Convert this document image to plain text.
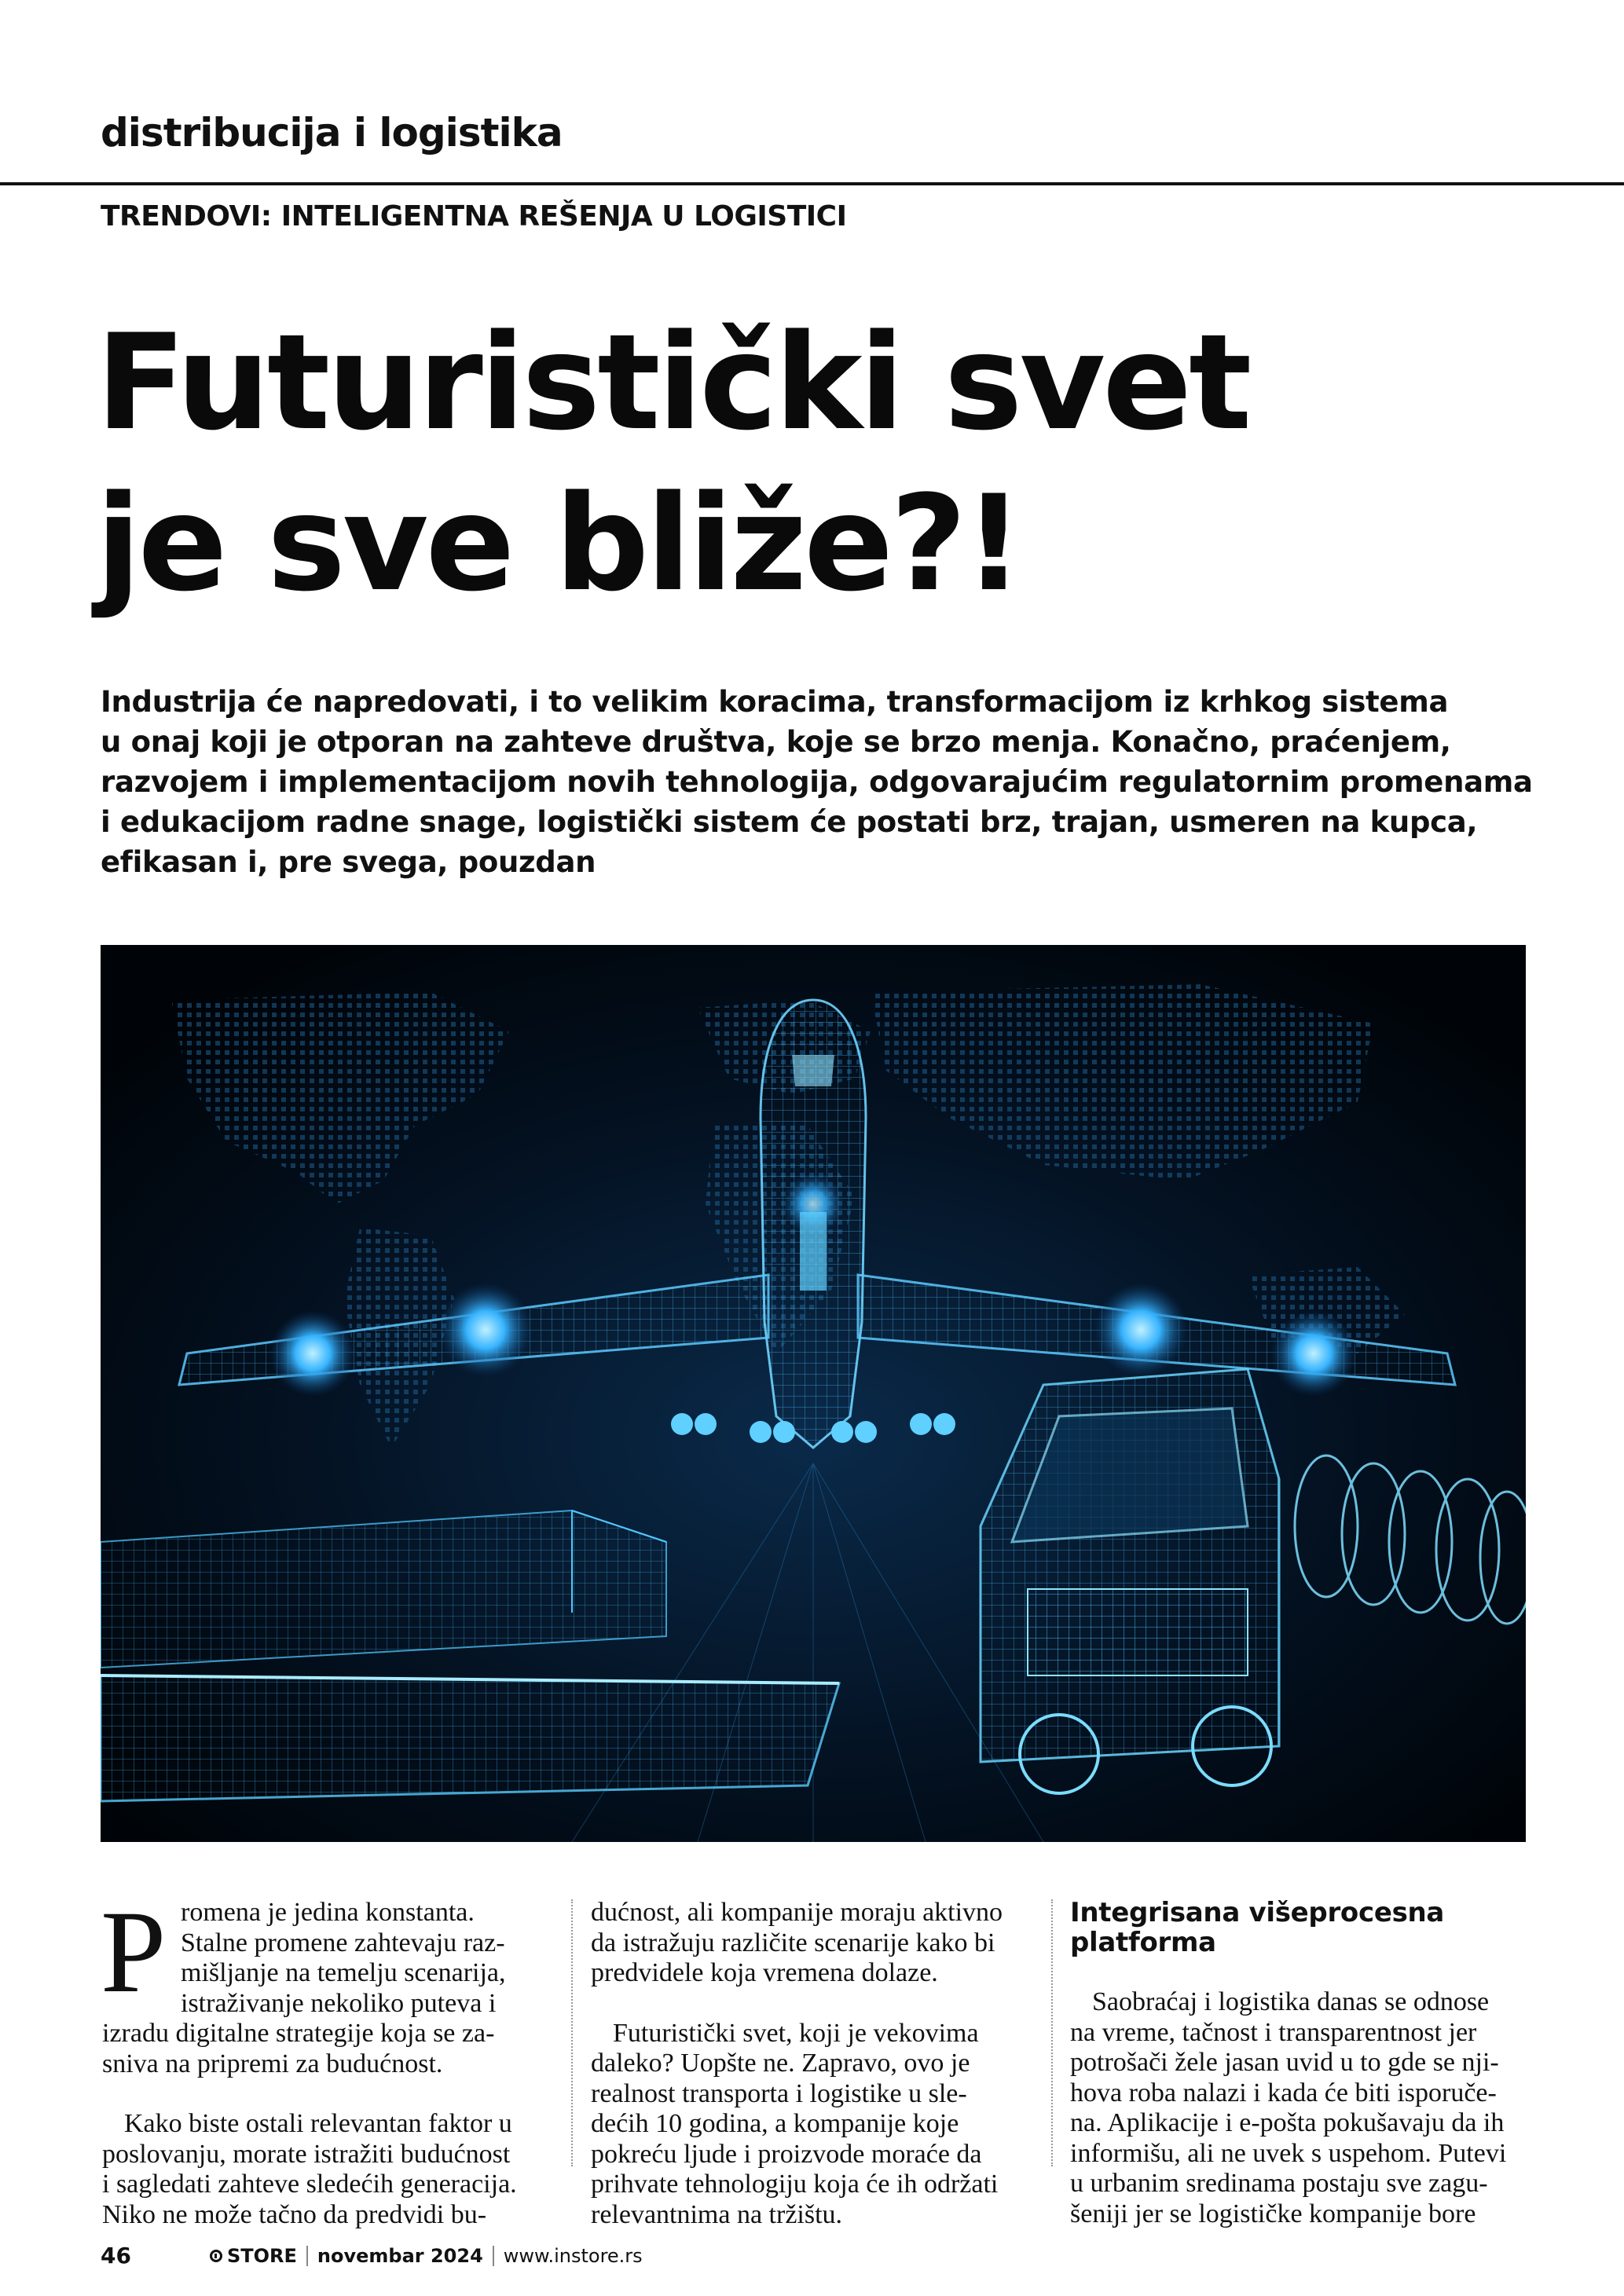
distribucija i logistika
TRENDOVI: INTELIGENTNA REŠENJA U LOGISTICI
Futuristički svet
je sve bliže?!
Industrija će napredovati, i to velikim koracima, transformacijom iz krhkog sistema
u onaj koji je otporan na zahteve društva, koje se brzo menja. Konačno, praćenjem,
razvojem i implementacijom novih tehnologija, odgovarajućim regulatornim promenama
i edukacijom radne snage, logistički sistem će postati brz, trajan, usmeren na kupca,
efikasan i, pre svega, pouzdan
P romena je jedina konstanta.
Stalne promene zahtevaju raz-
mišljanje na temelju scenarija,
istraživanje nekoliko puteva i
izradu digitalne strategije koja se za-
sniva na pripremi za budućnost.
Kako biste ostali relevantan faktor u
poslovanju, morate istražiti budućnost
i sagledati zahteve sledećih generacija.
Niko ne može tačno da predvidi bu-
dućnost, ali kompanije moraju aktivno
da istražuju različite scenarije kako bi
predvidele koja vremena dolaze.
Futuristički svet, koji je vekovima
daleko? Uopšte ne. Zapravo, ovo je
realnost transporta i logistike u sle-
dećih 10 godina, a kompanije koje
pokreću ljude i proizvode moraće da
prihvate tehnologiju koja će ih održati
relevantnima na tržištu.
Integrisana višeprocesna
platforma
Saobraćaj i logistika danas se odnose
na vreme, tačnost i transparentnost jer
potrošači žele jasan uvid u to gde se nji-
hova roba nalazi i kada će biti isporuče-
na. Aplikacije i e-pošta pokušavaju da ih
informišu, ali ne uvek s uspehom. Putevi
u urbanim sredinama postaju sve zagu-
šeniji jer se logističke kompanije bore
46	STORE novembar 2024 www.instore.rs
